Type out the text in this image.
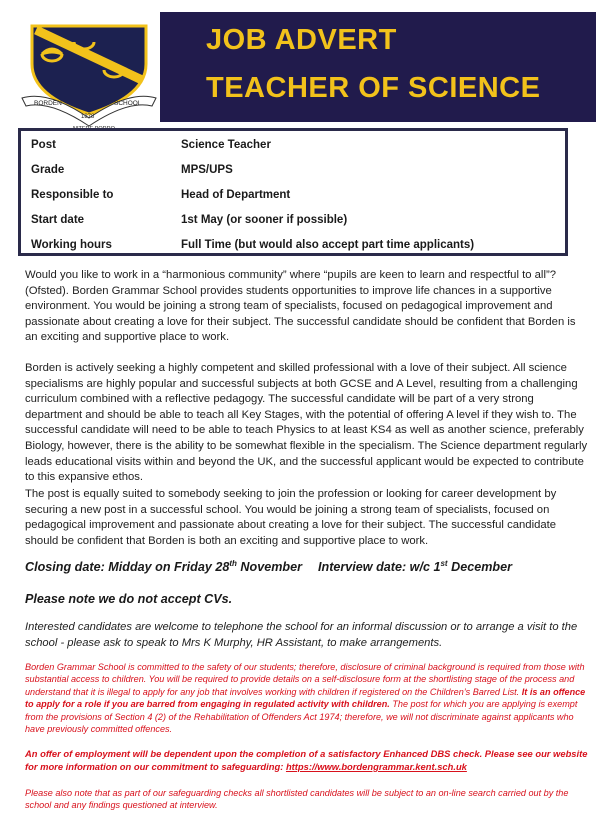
BORDEN	SCHOOL
1878
NITERE PORRO
JOB ADVERT
TEACHER OF SCIENCE
Post	Science Teacher
Grade	MPS/UPS
Responsible to	Head of Department
Start date	1st May (or sooner if possible)
Working hours	Full Time (but would also accept part time applicants)

Would you like to work in a “harmonious community” where “pupils are keen to learn and respectful to all”? (Ofsted). Borden Grammar School provides students opportunities to improve life chances in a supportive environment. You would be joining a strong team of specialists, focused on pedagogical improvement and passionate about creating a love for their subject. The successful candidate should be confident that Borden is an exciting and supportive place to work.

Borden is actively seeking a highly competent and skilled professional with a love of their subject. All science specialisms are highly popular and successful subjects at both GCSE and A Level, resulting from a challenging curriculum combined with a reflective pedagogy. The successful candidate will be part of a very strong department and should be able to teach all Key Stages, with the potential of offering A level if they wish to. The successful candidate will need to be able to teach Physics to at least KS4 as well as another science, preferably Biology, however, there is the ability to be somewhat flexible in the specialism. The Science department regularly leads educational visits within and beyond the UK, and the successful applicant would be expected to contribute to this expansive ethos.

The post is equally suited to somebody seeking to join the profession or looking for career development by securing a new post in a successful school. You would be joining a strong team of specialists, focused on pedagogical improvement and passionate about creating a love for their subject. The successful candidate should be confident that Borden is both an exciting and supportive place to work.

Closing date: Midday on Friday 28th November Interview date: w/c 1st December
Please note we do not accept CVs.
Interested candidates are welcome to telephone the school for an informal discussion or to arrange a visit to the school - please ask to speak to Mrs K Murphy, HR Assistant, to make arrangements.
Borden Grammar School is committed to the safety of our students; therefore, disclosure of criminal background is required from those with substantial access to children. You will be required to provide details on a self-disclosure form at the shortlisting stage of the process and understand that it is illegal to apply for any job that involves working with children if registered on the Children’s Barred List. It is an offence to apply for a role if you are barred from engaging in regulated activity with children. The post for which you are applying is exempt from the provisions of Section 4 (2) of the Rehabilitation of Offenders Act 1974; therefore, we will not discriminate against applicants who have previously committed offences.
An offer of employment will be dependent upon the completion of a satisfactory Enhanced DBS check. Please see our website for more information on our commitment to safeguarding: https://www.bordengrammar.kent.sch.uk
Please also note that as part of our safeguarding checks all shortlisted candidates will be subject to an on-line search carried out by the school and any findings questioned at interview.
